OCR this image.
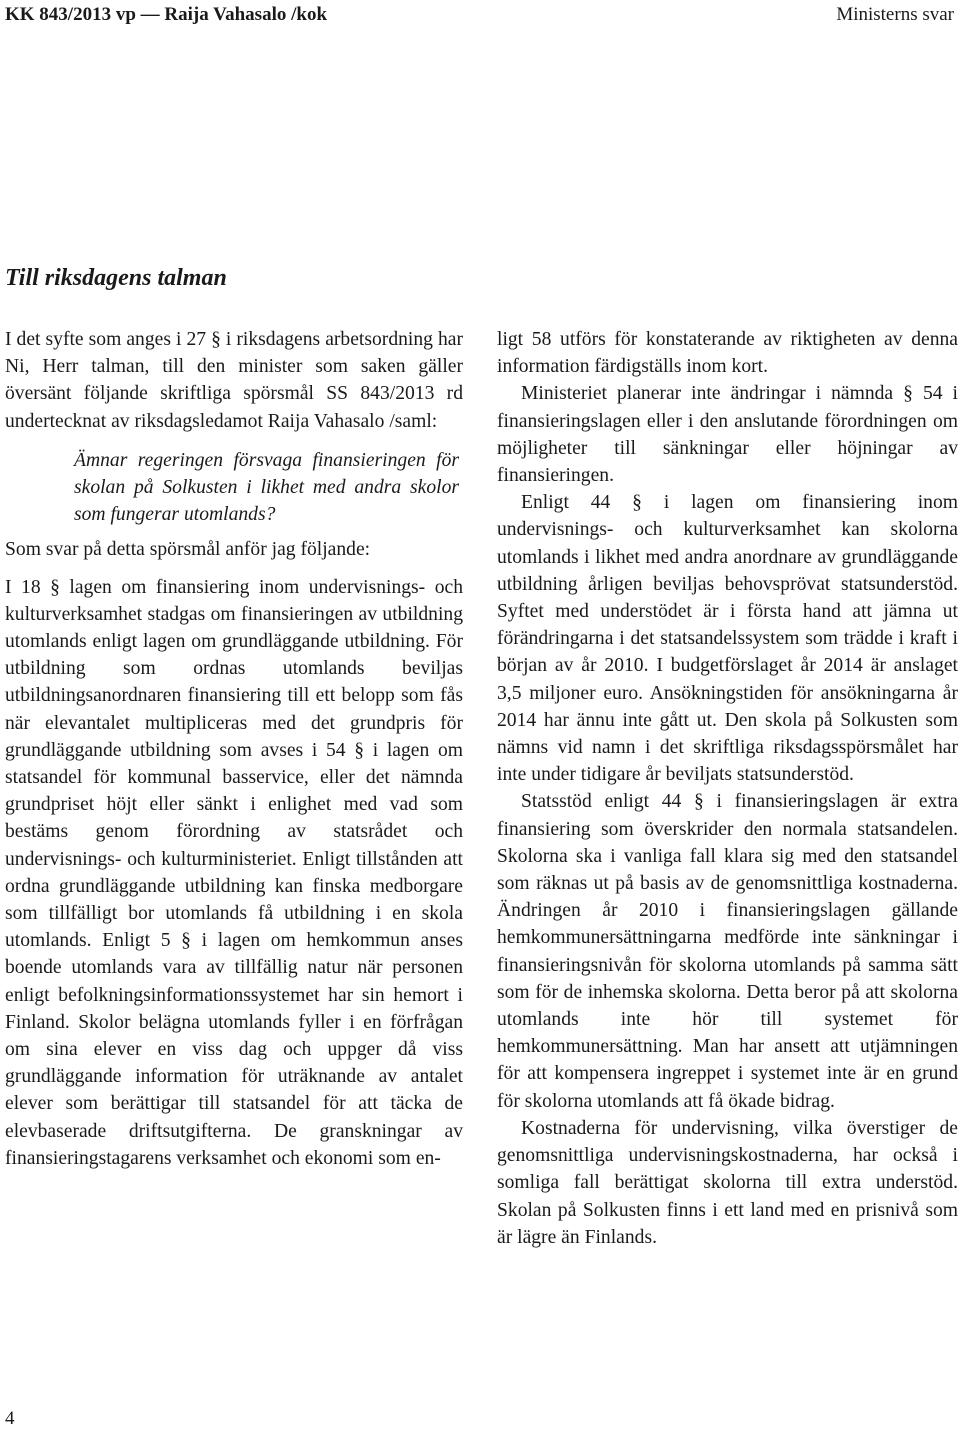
KK 843/2013 vp — Raija Vahasalo /kok	Ministerns svar
Till riksdagens talman

I det syfte som anges i 27 § i riksdagens arbetsordning har Ni, Herr talman, till den minister som saken gäller översänt följande skriftliga spörsmål SS 843/2013 rd undertecknat av riksdagsledamot Raija Vahasalo /saml:

Ämnar regeringen försvaga finansieringen för skolan på Solkusten i likhet med andra skolor som fungerar utomlands?

Som svar på detta spörsmål anför jag följande:

I 18 § lagen om finansiering inom undervisnings- och kulturverksamhet stadgas om finansieringen av utbildning utomlands enligt lagen om grundläggande utbildning. För utbildning som ordnas utomlands beviljas utbildningsanordnaren finansiering till ett belopp som fås när elevantalet multipliceras med det grundpris för grundläggande utbildning som avses i 54 § i lagen om statsandel för kommunal basservice, eller det nämnda grundpriset höjt eller sänkt i enlighet med vad som bestäms genom förordning av statsrådet och undervisnings- och kulturministeriet. Enligt tillstånden att ordna grundläggande utbildning kan finska medborgare som tillfälligt bor utomlands få utbildning i en skola utomlands. Enligt 5 § i lagen om hemkommun anses boende utomlands vara av tillfällig natur när personen enligt befolkningsinformationssystemet har sin hemort i Finland. Skolor belägna utomlands fyller i en förfrågan om sina elever en viss dag och uppger då viss grundläggande information för uträknande av antalet elever som berättigar till statsandel för att täcka de elevbaserade driftsutgifterna. De granskningar av finansieringstagarens verksamhet och ekonomi som en-

ligt 58 utförs för konstaterande av riktigheten av denna information färdigställs inom kort.

Ministeriet planerar inte ändringar i nämnda § 54 i finansieringslagen eller i den anslutande förordningen om möjligheter till sänkningar eller höjningar av finansieringen.

Enligt 44 § i lagen om finansiering inom undervisnings- och kulturverksamhet kan skolorna utomlands i likhet med andra anordnare av grundläggande utbildning årligen beviljas behovsprövat statsunderstöd. Syftet med understödet är i första hand att jämna ut förändringarna i det statsandelssystem som trädde i kraft i början av år 2010. I budgetförslaget år 2014 är anslaget 3,5 miljoner euro. Ansökningstiden för ansökningarna år 2014 har ännu inte gått ut. Den skola på Solkusten som nämns vid namn i det skriftliga riksdagsspörsmålet har inte under tidigare år beviljats statsunderstöd.

Statsstöd enligt 44 § i finansieringslagen är extra finansiering som överskrider den normala statsandelen. Skolorna ska i vanliga fall klara sig med den statsandel som räknas ut på basis av de genomsnittliga kostnaderna. Ändringen år 2010 i finansieringslagen gällande hemkommunersättningarna medförde inte sänkningar i finansieringsnivån för skolorna utomlands på samma sätt som för de inhemska skolorna. Detta beror på att skolorna utomlands inte hör till systemet för hemkommunersättning. Man har ansett att utjämningen för att kompensera ingreppet i systemet inte är en grund för skolorna utomlands att få ökade bidrag.

Kostnaderna för undervisning, vilka överstiger de genomsnittliga undervisningskostnaderna, har också i somliga fall berättigat skolorna till extra understöd. Skolan på Solkusten finns i ett land med en prisnivå som är lägre än Finlands.

4
